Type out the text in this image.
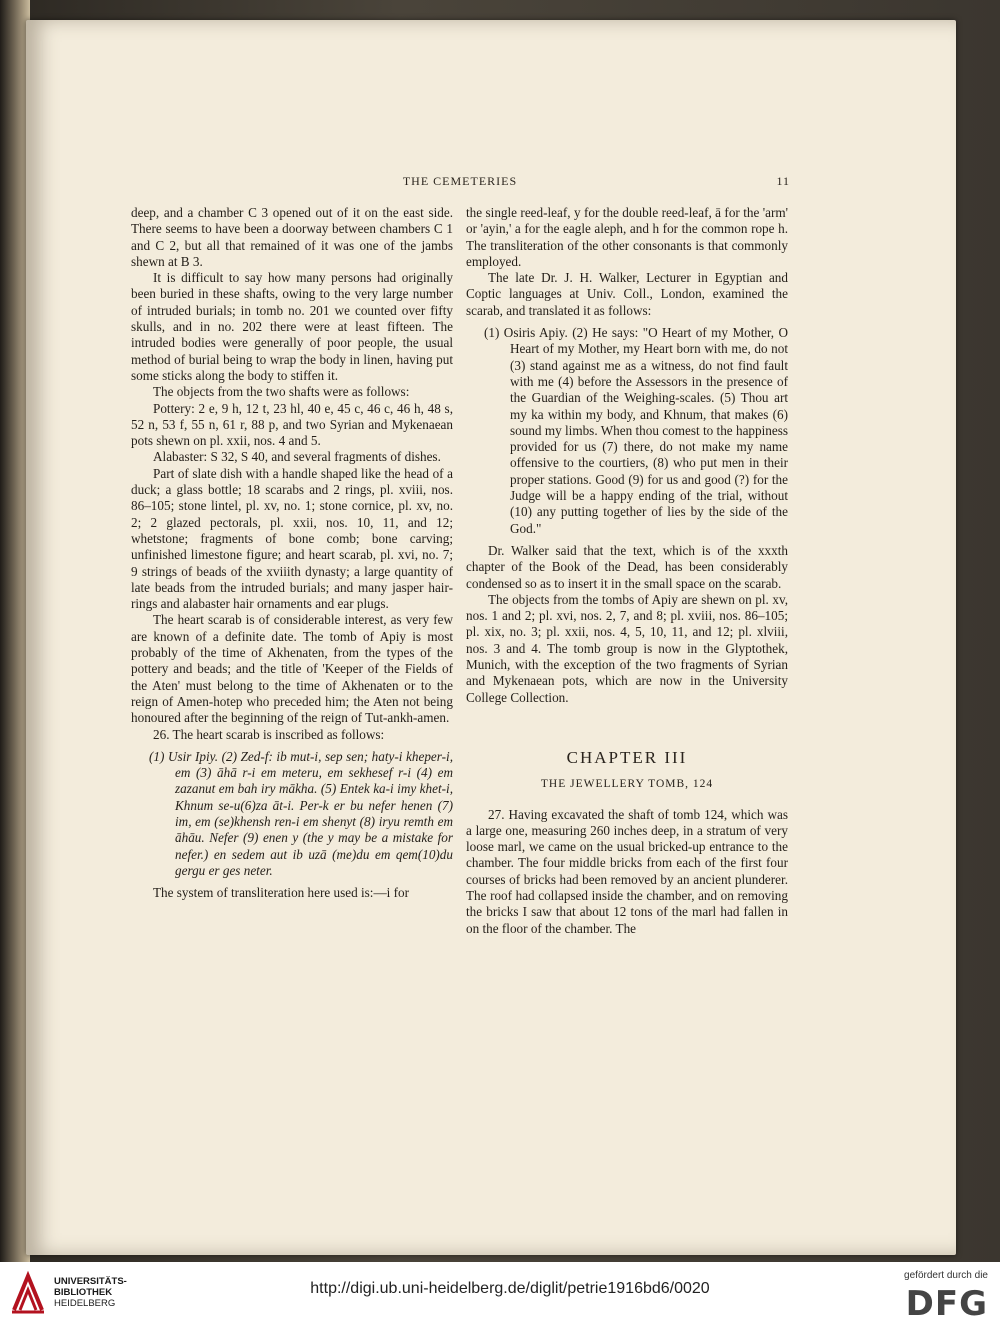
THE CEMETERIES	11

deep, and a chamber C 3 opened out of it on the east side. There seems to have been a doorway between chambers C 1 and C 2, but all that remained of it was one of the jambs shewn at B 3.

It is difficult to say how many persons had originally been buried in these shafts, owing to the very large number of intruded burials; in tomb no. 201 we counted over fifty skulls, and in no. 202 there were at least fifteen. The intruded bodies were generally of poor people, the usual method of burial being to wrap the body in linen, having put some sticks along the body to stiffen it.

The objects from the two shafts were as follows:

Pottery: 2 e, 9 h, 12 t, 23 hl, 40 e, 45 c, 46 c, 46 h, 48 s, 52 n, 53 f, 55 n, 61 r, 88 p, and two Syrian and Mykenaean pots shewn on pl. xxii, nos. 4 and 5.

Alabaster: S 32, S 40, and several fragments of dishes.

Part of slate dish with a handle shaped like the head of a duck; a glass bottle; 18 scarabs and 2 rings, pl. xviii, nos. 86–105; stone lintel, pl. xv, no. 1; stone cornice, pl. xv, no. 2; 2 glazed pectorals, pl. xxii, nos. 10, 11, and 12; whetstone; fragments of bone comb; bone carving; unfinished limestone figure; and heart scarab, pl. xvi, no. 7; 9 strings of beads of the xviiith dynasty; a large quantity of late beads from the intruded burials; and many jasper hair-rings and alabaster hair ornaments and ear plugs.

The heart scarab is of considerable interest, as very few are known of a definite date. The tomb of Apiy is most probably of the time of Akhenaten, from the types of the pottery and beads; and the title of 'Keeper of the Fields of the Aten' must belong to the time of Akhenaten or to the reign of Amen-hotep who preceded him; the Aten not being honoured after the beginning of the reign of Tut-ankh-amen.

26. The heart scarab is inscribed as follows:

(1) Usir Ipiy. (2) Zed-f: ib mut-i, sep sen; haty-i kheper-i, em (3) āhā r-i em meteru, em sekhesef r-i (4) em zazanut em bah iry mākha. (5) Entek ka-i imy khet-i, Khnum se-u(6)za āt-i. Per-k er bu nefer henen (7) im, em (se)khensh ren-i em shenyt (8) iryu remth em āhāu. Nefer (9) enen y (the y may be a mistake for nefer.) en sedem aut ib uzā (me)du em qem(10)du gergu er ges neter.

The system of transliteration here used is:—i for

the single reed-leaf, y for the double reed-leaf, ā for the 'arm' or 'ayin,' a for the eagle aleph, and h for the common rope h. The transliteration of the other consonants is that commonly employed.

The late Dr. J. H. Walker, Lecturer in Egyptian and Coptic languages at Univ. Coll., London, examined the scarab, and translated it as follows:

(1) Osiris Apiy. (2) He says: "O Heart of my Mother, O Heart of my Mother, my Heart born with me, do not (3) stand against me as a witness, do not find fault with me (4) before the Assessors in the presence of the Guardian of the Weighing-scales. (5) Thou art my ka within my body, and Khnum, that makes (6) sound my limbs. When thou comest to the happiness provided for us (7) there, do not make my name offensive to the courtiers, (8) who put men in their proper stations. Good (9) for us and good (?) for the Judge will be a happy ending of the trial, without (10) any putting together of lies by the side of the God."

Dr. Walker said that the text, which is of the xxxth chapter of the Book of the Dead, has been considerably condensed so as to insert it in the small space on the scarab.

The objects from the tombs of Apiy are shewn on pl. xv, nos. 1 and 2; pl. xvi, nos. 2, 7, and 8; pl. xviii, nos. 86–105; pl. xix, no. 3; pl. xxii, nos. 4, 5, 10, 11, and 12; pl. xlviii, nos. 3 and 4. The tomb group is now in the Glyptothek, Munich, with the exception of the two fragments of Syrian and Mykenaean pots, which are now in the University College Collection.

CHAPTER III

THE JEWELLERY TOMB, 124

27. Having excavated the shaft of tomb 124, which was a large one, measuring 260 inches deep, in a stratum of very loose marl, we came on the usual bricked-up entrance to the chamber. The four middle bricks from each of the first four courses of bricks had been removed by an ancient plunderer. The roof had collapsed inside the chamber, and on removing the bricks I saw that about 12 tons of the marl had fallen in on the floor of the chamber. The

UNIVERSITÄTS-
BIBLIOTHEK
HEIDELBERG
http://digi.ub.uni-heidelberg.de/diglit/petrie1916bd6/0020
gefördert durch die
DFG
